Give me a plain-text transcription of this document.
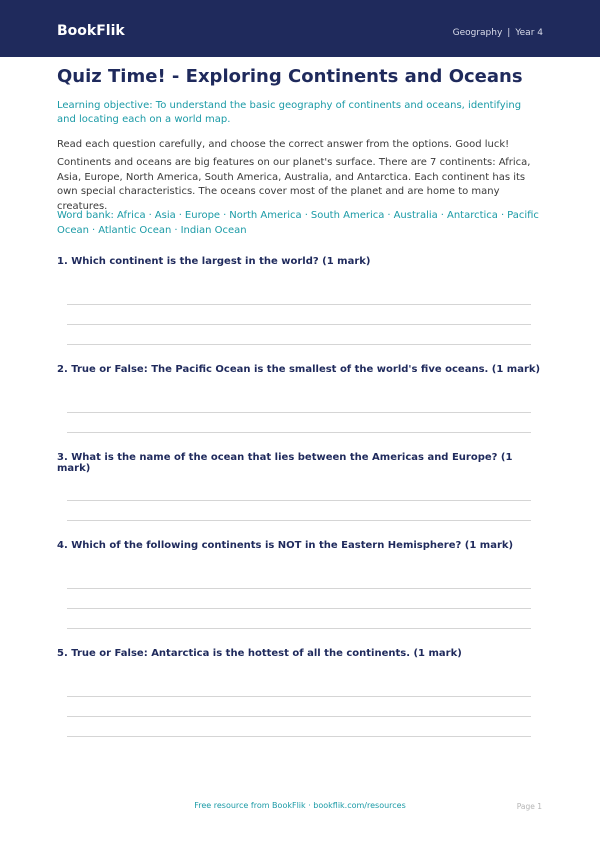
BookFlik	Geography | Year 4
Quiz Time! - Exploring Continents and Oceans
Learning objective: To understand the basic geography of continents and oceans, identifying and locating each on a world map.
Read each question carefully, and choose the correct answer from the options. Good luck!
Continents and oceans are big features on our planet's surface. There are 7 continents: Africa, Asia, Europe, North America, South America, Australia, and Antarctica. Each continent has its own special characteristics. The oceans cover most of the planet and are home to many creatures.
Word bank: Africa · Asia · Europe · North America · South America · Australia · Antarctica · Pacific Ocean · Atlantic Ocean · Indian Ocean
1. Which continent is the largest in the world? (1 mark)
2. True or False: The Pacific Ocean is the smallest of the world's five oceans. (1 mark)
3. What is the name of the ocean that lies between the Americas and Europe? (1 mark)
4. Which of the following continents is NOT in the Eastern Hemisphere? (1 mark)
5. True or False: Antarctica is the hottest of all the continents. (1 mark)
Free resource from BookFlik · bookflik.com/resources	Page 1
